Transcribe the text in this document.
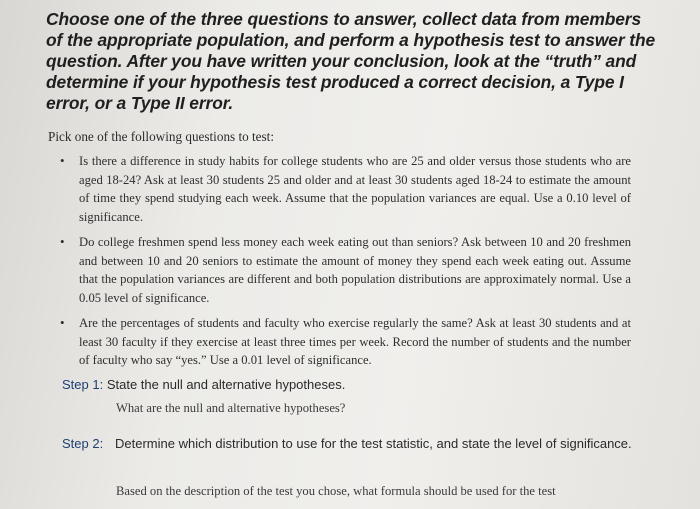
Choose one of the three questions to answer, collect data from members of the appropriate population, and perform a hypothesis test to answer the question. After you have written your conclusion, look at the “truth” and determine if your hypothesis test produced a correct decision, a Type I error, or a Type II error.
Pick one of the following questions to test:
• Is there a difference in study habits for college students who are 25 and older versus those students who are aged 18-24? Ask at least 30 students 25 and older and at least 30 students aged 18-24 to estimate the amount of time they spend studying each week. Assume that the population variances are equal. Use a 0.10 level of significance.
• Do college freshmen spend less money each week eating out than seniors? Ask between 10 and 20 freshmen and between 10 and 20 seniors to estimate the amount of money they spend each week eating out. Assume that the population variances are different and both population distributions are approximately normal. Use a 0.05 level of significance.
• Are the percentages of students and faculty who exercise regularly the same? Ask at least 30 students and at least 30 faculty if they exercise at least three times per week. Record the number of students and the number of faculty who say “yes.” Use a 0.01 level of significance.
Step 1: State the null and alternative hypotheses.
What are the null and alternative hypotheses?
Step 2: Determine which distribution to use for the test statistic, and state the level of significance.
Based on the description of the test you chose, what formula should be used for the test
